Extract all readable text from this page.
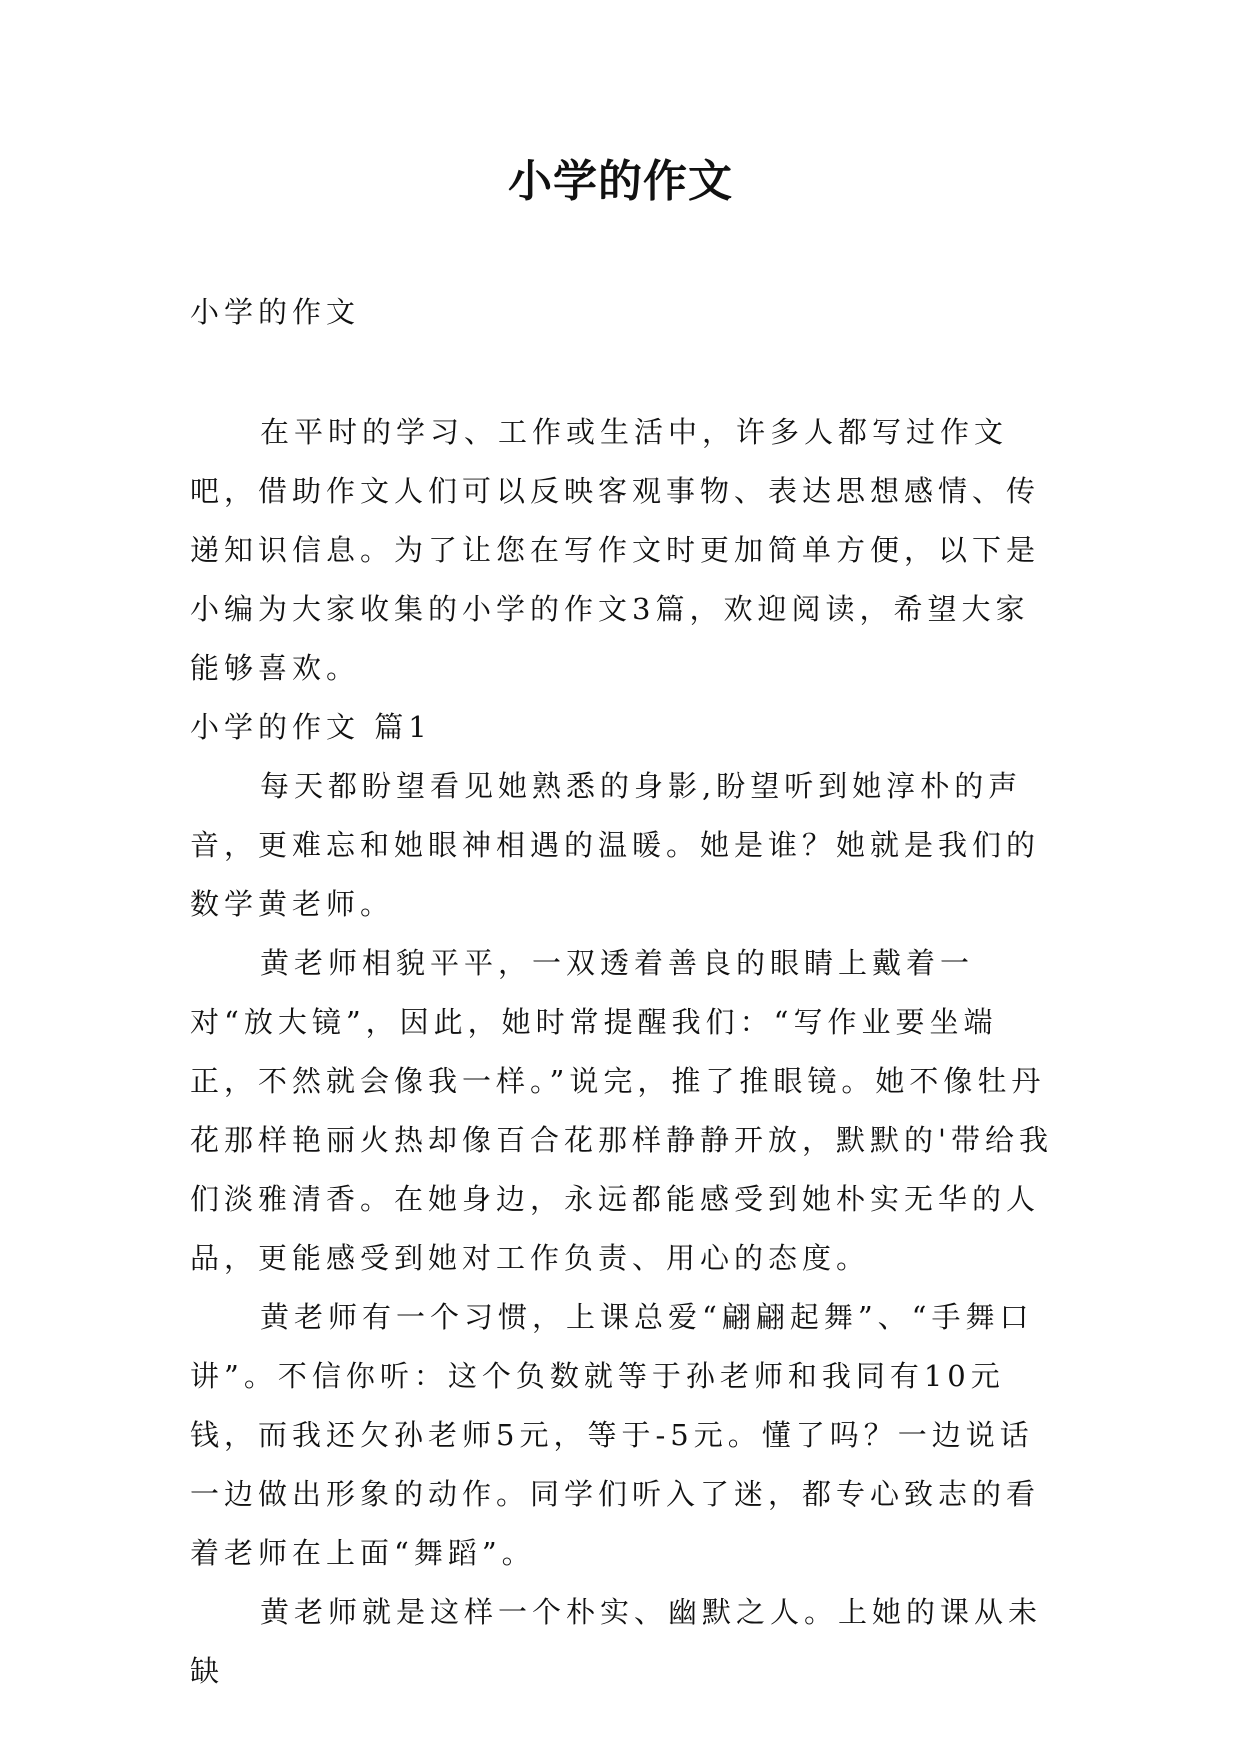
小学的作文
小学的作文

在平时的学习、工作或生活中，许多人都写过作文吧，借助作文人们可以反映客观事物、表达思想感情、传递知识信息。为了让您在写作文时更加简单方便，以下是小编为大家收集的小学的作文3篇，欢迎阅读，希望大家能够喜欢。

小学的作文 篇1

每天都盼望看见她熟悉的身影,盼望听到她淳朴的声音，更难忘和她眼神相遇的温暖。她是谁？她就是我们的数学黄老师。

黄老师相貌平平，一双透着善良的眼睛上戴着一对“放大镜”，因此，她时常提醒我们：“写作业要坐端正，不然就会像我一样。”说完，推了推眼镜。她不像牡丹花那样艳丽火热却像百合花那样静静开放，默默的'带给我们淡雅清香。在她身边，永远都能感受到她朴实无华的人品，更能感受到她对工作负责、用心的态度。

黄老师有一个习惯，上课总爱“翩翩起舞”、“手舞口讲”。不信你听：这个负数就等于孙老师和我同有10元钱，而我还欠孙老师5元，等于-5元。懂了吗？一边说话一边做出形象的动作。同学们听入了迷，都专心致志的看着老师在上面“舞蹈”。

黄老师就是这样一个朴实、幽默之人。上她的课从未缺
